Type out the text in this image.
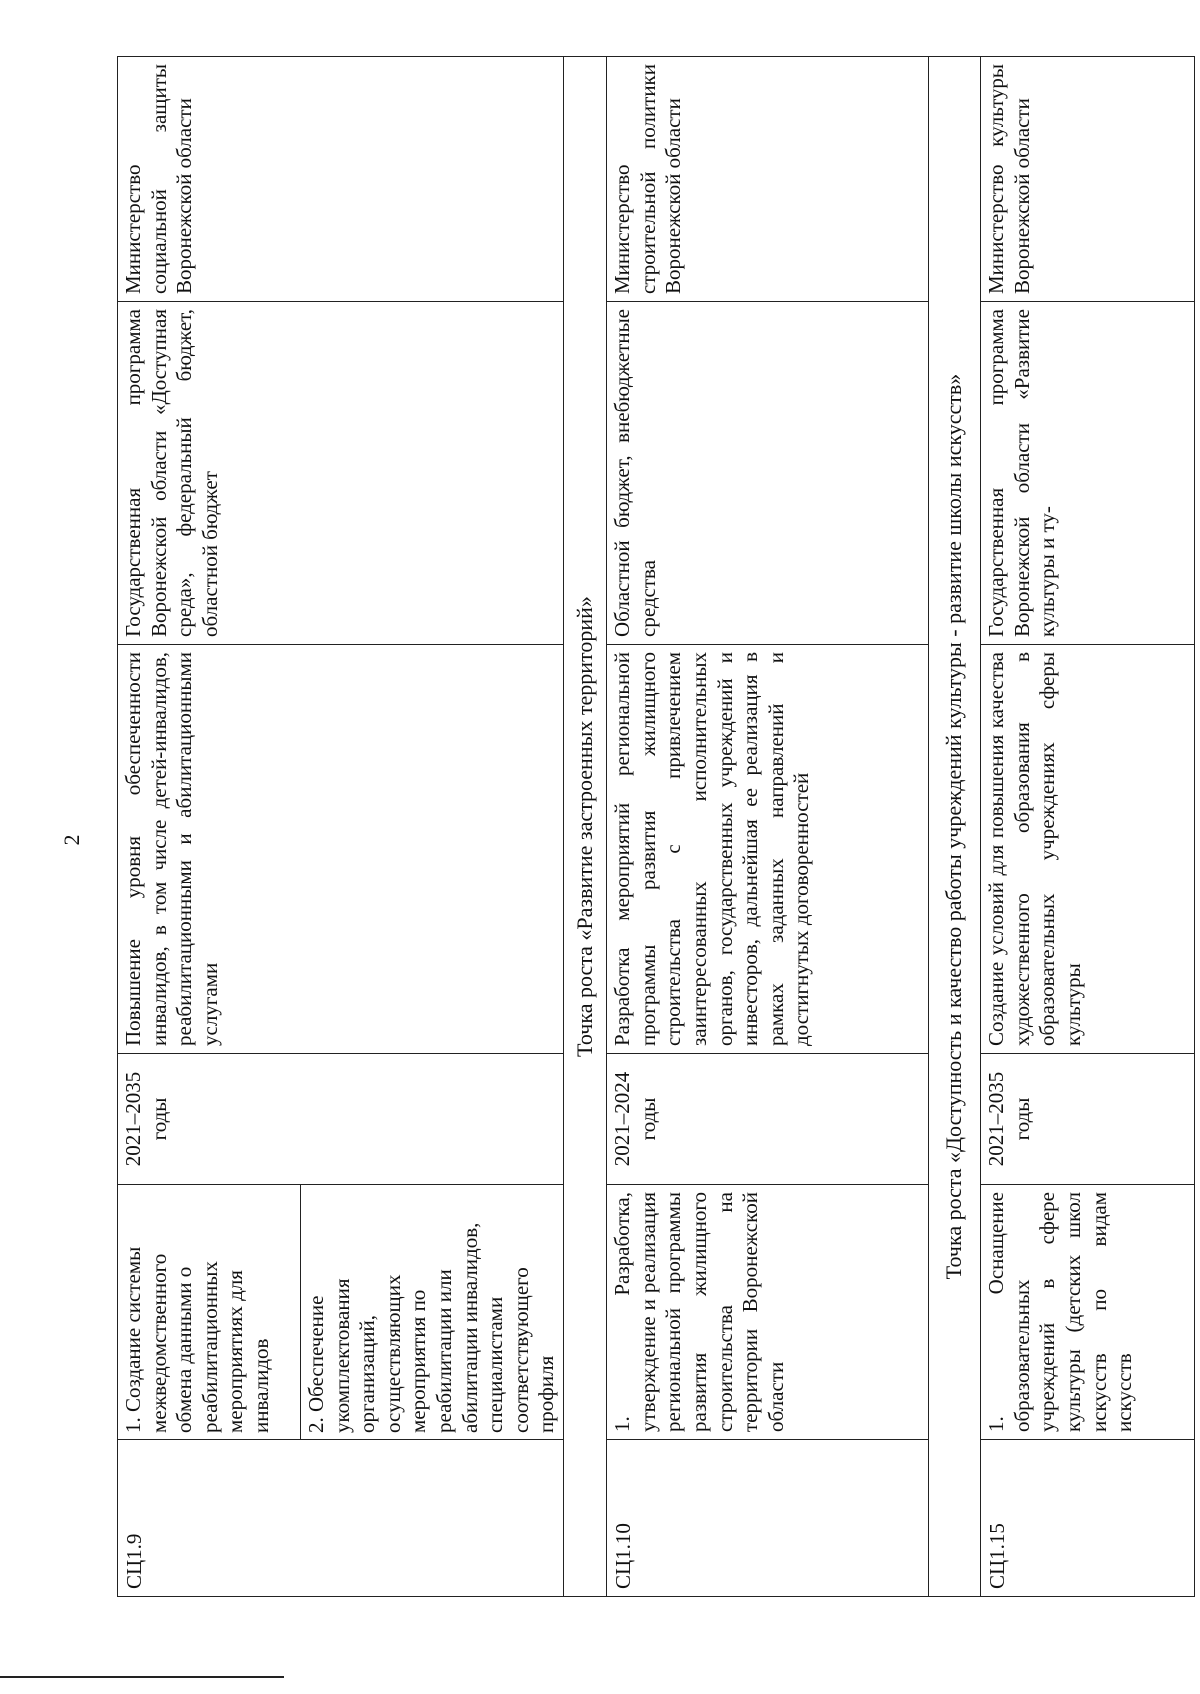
2
СЦ1.9	1. Создание системы межведомственного обмена данными о реабилитационных мероприятиях для инвалидов 2. Обеспечение укомплектования организаций, осуществляющих мероприятия по реабилитации или абилитации инвалидов, специалистами соответствующего профиля	2021–2035 годы	Повышение уровня обеспеченности инвалидов, в том числе детей-инвалидов, реабилитационными и абилитационными услугами	Государственная программа Воронежской области «Доступная среда», федеральный бюджет, областной бюджет	Министерство социальной защиты Воронежской области
Точка роста «Развитие застроенных территорий»					
СЦ1.10	1. Разработка, утверждение и реализация региональной программы развития жилищного строительства на территории Воронежской области	2021–2024 годы	Разработка мероприятий региональной программы развития жилищного строительства с привлечением заинтересованных исполнительных органов, государственных учреждений и инвесторов, дальнейшая ее реализация в рамках заданных направлений и достигнутых договоренностей	Областной бюджет, внебюджетные средства	Министерство строительной политики Воронежской области
Точка роста «Доступность и качество работы учреждений культуры - развитие школы искусств»					
СЦ1.15	1. Оснащение образовательных учреждений в сфере культуры (детских школ искусств по видам искусств	2021–2035 годы	Создание условий для повышения качества художественного образования в образовательных учреждениях сферы культуры	Государственная программа Воронежской области «Развитие культуры и ту-	Министерство культуры Воронежской области
